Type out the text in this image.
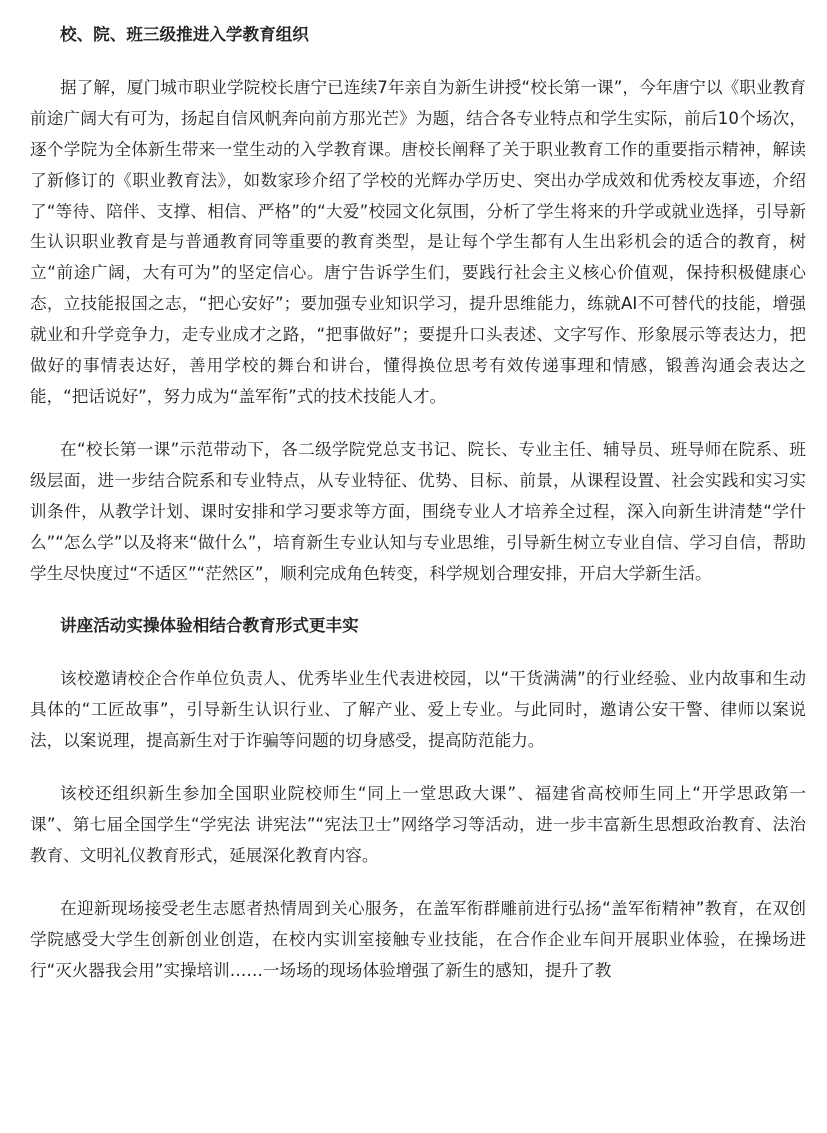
校、院、班三级推进入学教育组织

据了解，厦门城市职业学院校长唐宁已连续7年亲自为新生讲授“校长第一课”，今年唐宁以《职业教育前途广阔大有可为，扬起自信风帆奔向前方那光芒》为题，结合各专业特点和学生实际，前后10个场次，逐个学院为全体新生带来一堂生动的入学教育课。唐校长阐释了关于职业教育工作的重要指示精神，解读了新修订的《职业教育法》，如数家珍介绍了学校的光辉办学历史、突出办学成效和优秀校友事迹，介绍了“等待、陪伴、支撑、相信、严格”的“大爱”校园文化氛围，分析了学生将来的升学或就业选择，引导新生认识职业教育是与普通教育同等重要的教育类型，是让每个学生都有人生出彩机会的适合的教育，树立“前途广阔，大有可为”的坚定信心。唐宁告诉学生们，要践行社会主义核心价值观，保持积极健康心态，立技能报国之志，“把心安好”；要加强专业知识学习，提升思维能力，练就AI不可替代的技能，增强就业和升学竞争力，走专业成才之路，“把事做好”；要提升口头表述、文字写作、形象展示等表达力，把做好的事情表达好，善用学校的舞台和讲台，懂得换位思考有效传递事理和情感，锻善沟通会表达之能，“把话说好”，努力成为“盖军衔”式的技术技能人才。

在“校长第一课”示范带动下，各二级学院党总支书记、院长、专业主任、辅导员、班导师在院系、班级层面，进一步结合院系和专业特点，从专业特征、优势、目标、前景，从课程设置、社会实践和实习实训条件，从教学计划、课时安排和学习要求等方面，围绕专业人才培养全过程，深入向新生讲清楚“学什么”“怎么学”以及将来“做什么”，培育新生专业认知与专业思维，引导新生树立专业自信、学习自信，帮助学生尽快度过“不适区”“茫然区”，顺利完成角色转变，科学规划合理安排，开启大学新生活。

讲座活动实操体验相结合教育形式更丰实

该校邀请校企合作单位负责人、优秀毕业生代表进校园，以“干货满满”的行业经验、业内故事和生动具体的“工匠故事”，引导新生认识行业、了解产业、爱上专业。与此同时，邀请公安干警、律师以案说法，以案说理，提高新生对于诈骗等问题的切身感受，提高防范能力。

该校还组织新生参加全国职业院校师生“同上一堂思政大课”、福建省高校师生同上“开学思政第一课”、第七届全国学生“学宪法 讲宪法”“宪法卫士”网络学习等活动，进一步丰富新生思想政治教育、法治教育、文明礼仪教育形式，延展深化教育内容。

在迎新现场接受老生志愿者热情周到关心服务，在盖军衔群雕前进行弘扬“盖军衔精神”教育，在双创学院感受大学生创新创业创造，在校内实训室接触专业技能，在合作企业车间开展职业体验，在操场进行“灭火器我会用”实操培训……一场场的现场体验增强了新生的感知，提升了教
